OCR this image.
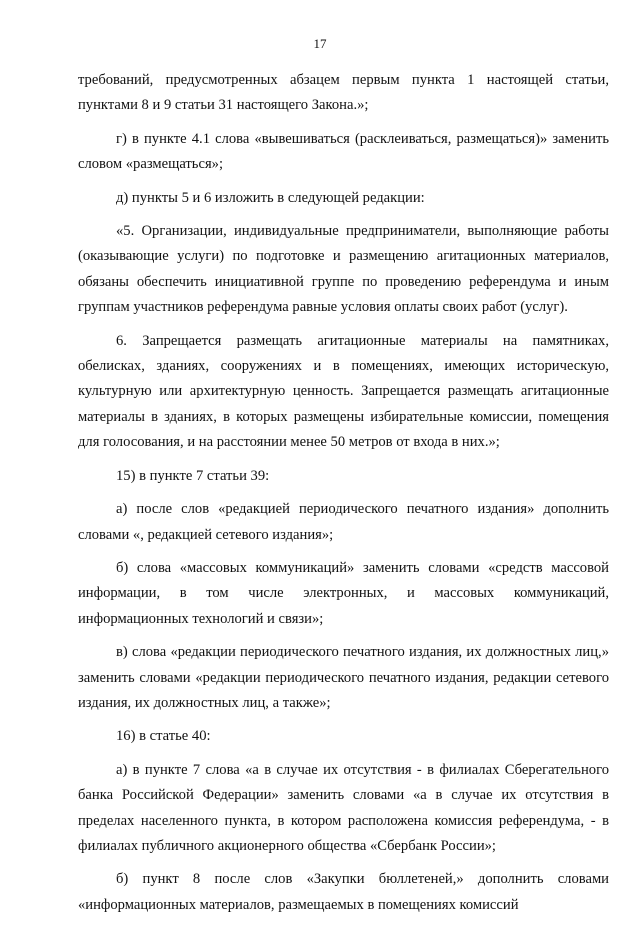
17

требований, предусмотренных абзацем первым пункта 1 настоящей статьи, пунктами 8 и 9 статьи 31 настоящего Закона.»;

г) в пункте 4.1 слова «вывешиваться (расклеиваться, размещаться)» заменить словом «размещаться»;

д) пункты 5 и 6 изложить в следующей редакции:

«5. Организации, индивидуальные предприниматели, выполняющие работы (оказывающие услуги) по подготовке и размещению агитационных материалов, обязаны обеспечить инициативной группе по проведению референдума и иным группам участников референдума равные условия оплаты своих работ (услуг).

6. Запрещается размещать агитационные материалы на памятниках, обелисках, зданиях, сооружениях и в помещениях, имеющих историческую, культурную или архитектурную ценность. Запрещается размещать агитационные материалы в зданиях, в которых размещены избирательные комиссии, помещения для голосования, и на расстоянии менее 50 метров от входа в них.»;

15) в пункте 7 статьи 39:

а) после слов «редакцией периодического печатного издания» дополнить словами «, редакцией сетевого издания»;

б) слова «массовых коммуникаций» заменить словами «средств массовой информации, в том числе электронных, и массовых коммуникаций, информационных технологий и связи»;

в) слова «редакции периодического печатного издания, их должностных лиц,» заменить словами «редакции периодического печатного издания, редакции сетевого издания, их должностных лиц, а также»;

16) в статье 40:

а) в пункте 7 слова «а в случае их отсутствия - в филиалах Сберегательного банка Российской Федерации» заменить словами «а в случае их отсутствия в пределах населенного пункта, в котором расположена комиссия референдума, - в филиалах публичного акционерного общества «Сбербанк России»;

б) пункт 8 после слов «Закупки бюллетеней,» дополнить словами «информационных материалов, размещаемых в помещениях комиссий
